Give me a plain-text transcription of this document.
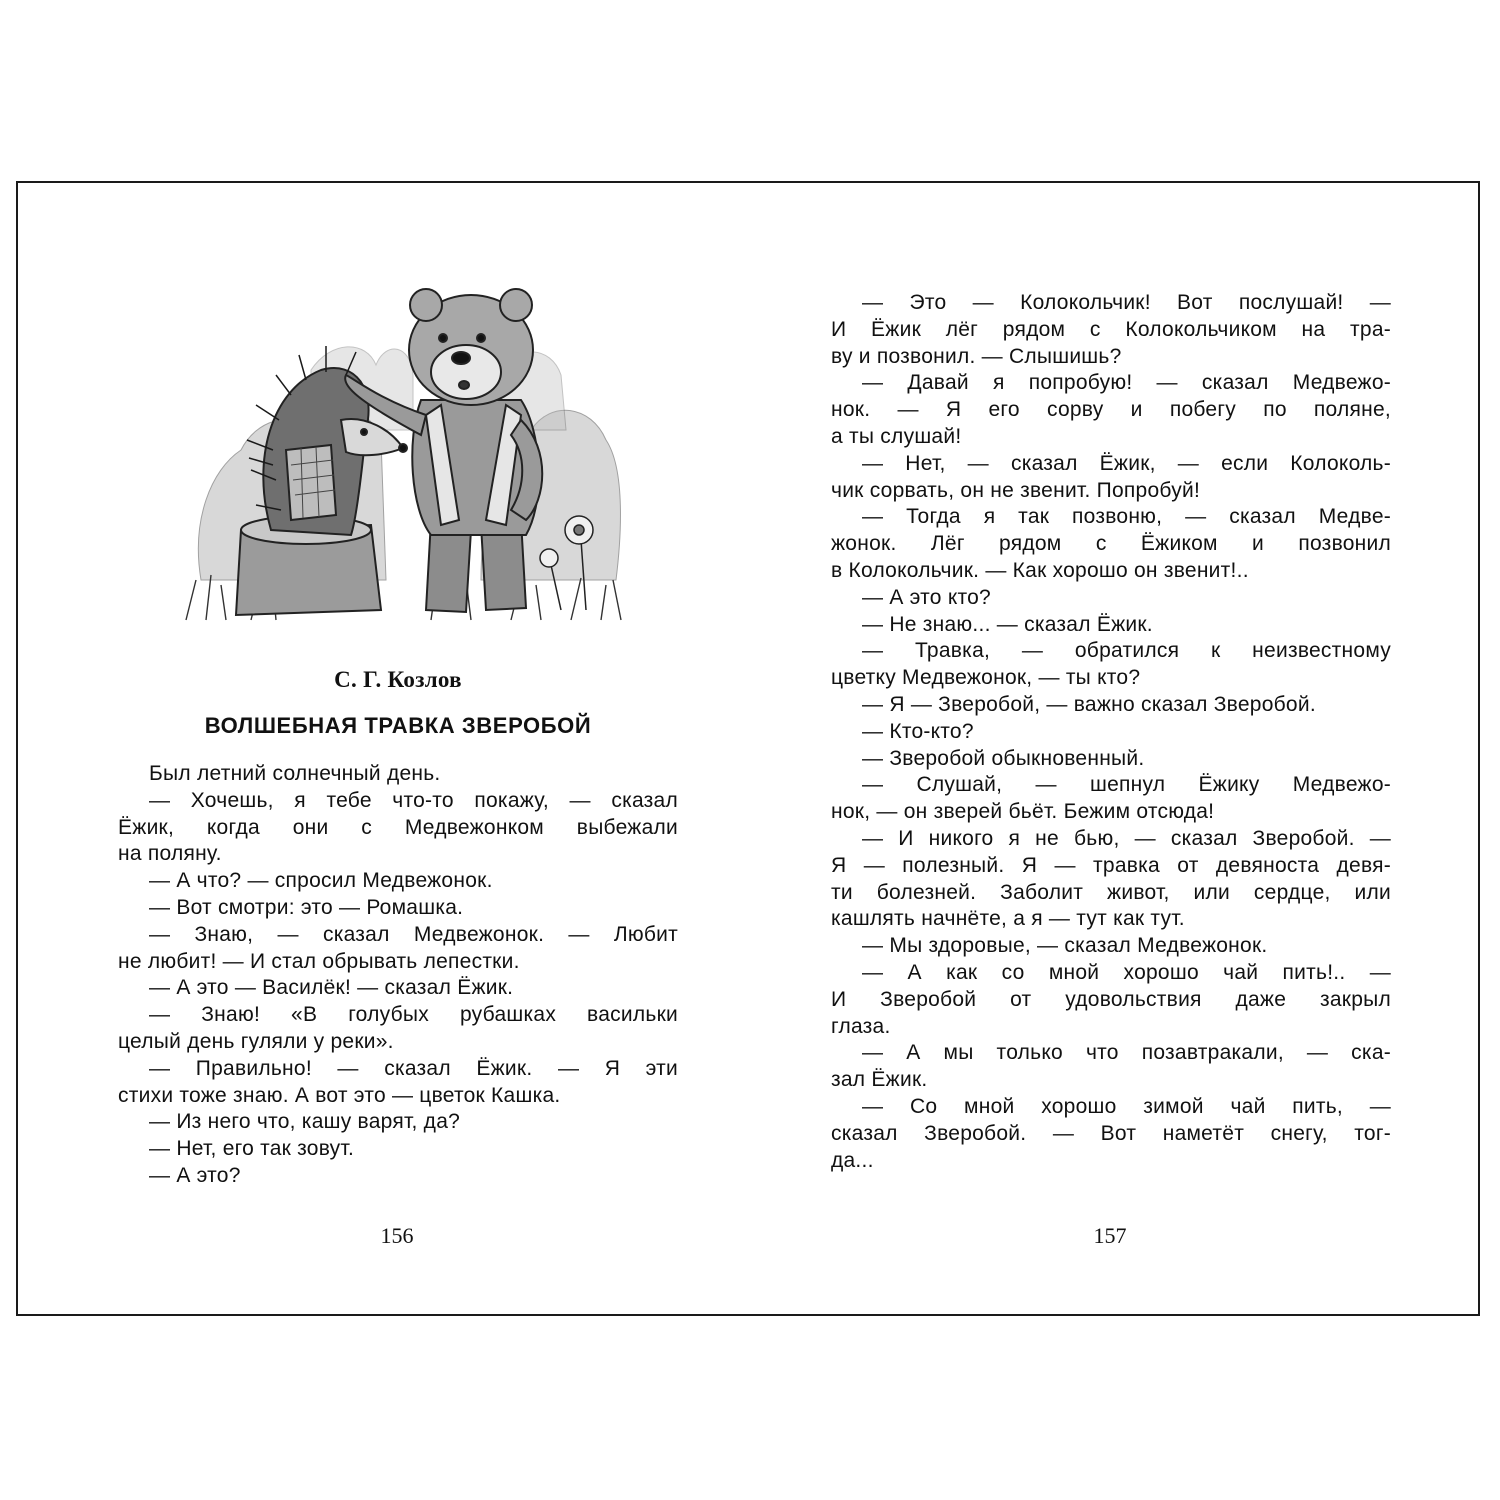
С. Г. Козлов
ВОЛШЕБНАЯ ТРАВКА ЗВЕРОБОЙ
Был летний солнечный день.
— Хочешь, я тебе что-то покажу, — сказал
Ёжик, когда они с Медвежонком выбежали
на поляну.
— А что? — спросил Медвежонок.
— Вот смотри: это — Ромашка.
— Знаю, — сказал Медвежонок. — Любит
не любит! — И стал обрывать лепестки.
— А это — Василёк! — сказал Ёжик.
— Знаю! «В голубых рубашках васильки
целый день гуляли у реки».
— Правильно! — сказал Ёжик. — Я эти
стихи тоже знаю. А вот это — цветок Кашка.
— Из него что, кашу варят, да?
— Нет, его так зовут.
— А это?
— Это — Колокольчик! Вот послушай! —
И Ёжик лёг рядом с Колокольчиком на тра-
ву и позвонил. — Слышишь?
— Давай я попробую! — сказал Медвежо-
нок. — Я его сорву и побегу по поляне,
а ты слушай!
— Нет, — сказал Ёжик, — если Колоколь-
чик сорвать, он не звенит. Попробуй!
— Тогда я так позвоню, — сказал Медве-
жонок. Лёг рядом с Ёжиком и позвонил
в Колокольчик. — Как хорошо он звенит!..
— А это кто?
— Не знаю... — сказал Ёжик.
— Травка, — обратился к неизвестному
цветку Медвежонок, — ты кто?
— Я — Зверобой, — важно сказал Зверобой.
— Кто-кто?
— Зверобой обыкновенный.
— Слушай, — шепнул Ёжику Медвежо-
нок, — он зверей бьёт. Бежим отсюда!
— И никого я не бью, — сказал Зверобой. —
Я — полезный. Я — травка от девяноста девя-
ти болезней. Заболит живот, или сердце, или
кашлять начнёте, а я — тут как тут.
— Мы здоровые, — сказал Медвежонок.
— А как со мной хорошо чай пить!.. —
И Зверобой от удовольствия даже закрыл
глаза.
— А мы только что позавтракали, — ска-
зал Ёжик.
— Со мной хорошо зимой чай пить, —
сказал Зверобой. — Вот наметёт снегу, тог-
да...
156	157
